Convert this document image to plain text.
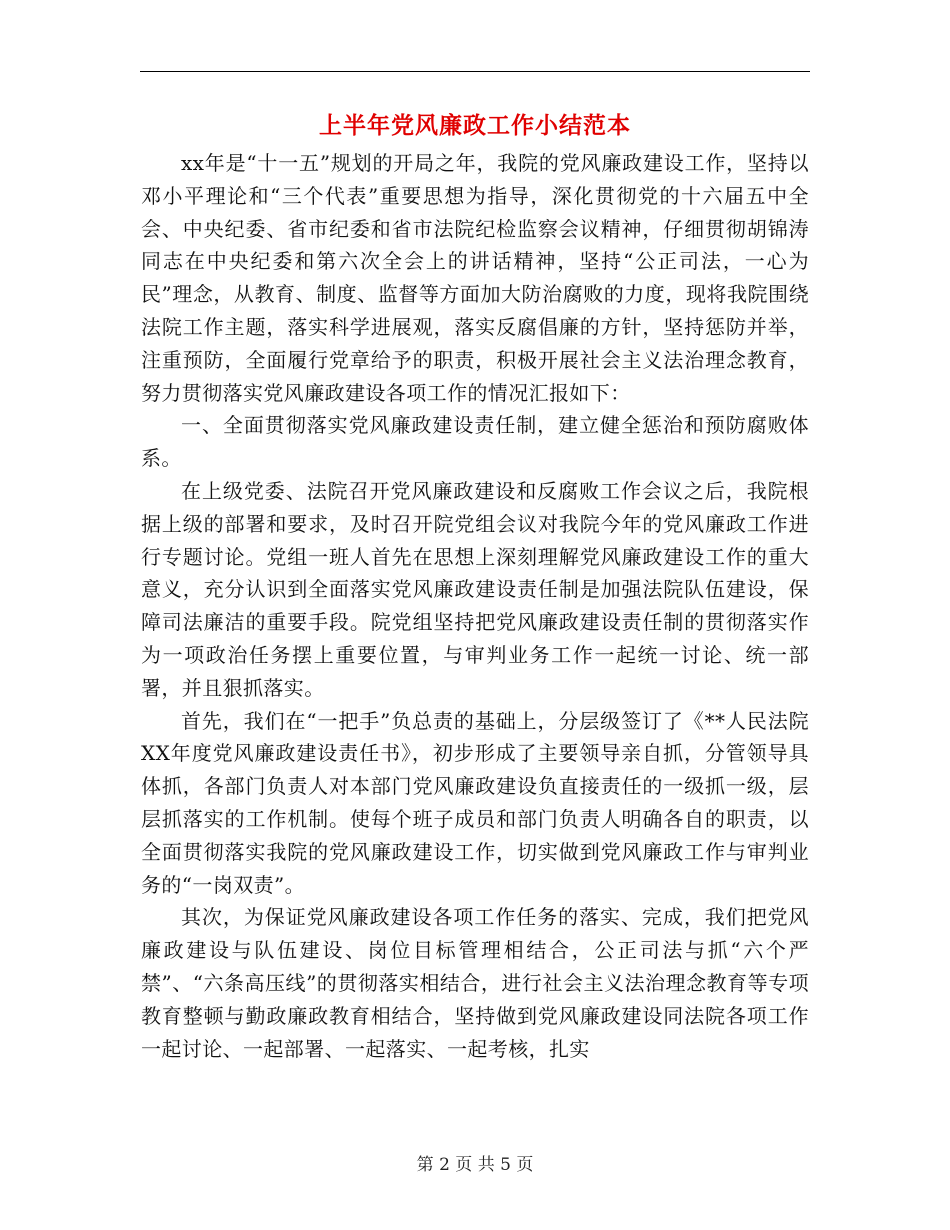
上半年党风廉政工作小结范本

xx年是“十一五”规划的开局之年，我院的党风廉政建设工作，坚持以邓小平理论和“三个代表”重要思想为指导，深化贯彻党的十六届五中全会、中央纪委、省市纪委和省市法院纪检监察会议精神，仔细贯彻胡锦涛同志在中央纪委和第六次全会上的讲话精神，坚持“公正司法，一心为民”理念，从教育、制度、监督等方面加大防治腐败的力度，现将我院围绕法院工作主题，落实科学进展观，落实反腐倡廉的方针，坚持惩防并举，注重预防，全面履行党章给予的职责，积极开展社会主义法治理念教育，努力贯彻落实党风廉政建设各项工作的情况汇报如下：

一、全面贯彻落实党风廉政建设责任制，建立健全惩治和预防腐败体系。

在上级党委、法院召开党风廉政建设和反腐败工作会议之后，我院根据上级的部署和要求，及时召开院党组会议对我院今年的党风廉政工作进行专题讨论。党组一班人首先在思想上深刻理解党风廉政建设工作的重大意义，充分认识到全面落实党风廉政建设责任制是加强法院队伍建设，保障司法廉洁的重要手段。院党组坚持把党风廉政建设责任制的贯彻落实作为一项政治任务摆上重要位置，与审判业务工作一起统一讨论、统一部署，并且狠抓落实。

首先，我们在“一把手”负总责的基础上，分层级签订了《**人民法院XX年度党风廉政建设责任书》，初步形成了主要领导亲自抓，分管领导具体抓，各部门负责人对本部门党风廉政建设负直接责任的一级抓一级，层层抓落实的工作机制。使每个班子成员和部门负责人明确各自的职责，以全面贯彻落实我院的党风廉政建设工作，切实做到党风廉政工作与审判业务的“一岗双责”。

其次，为保证党风廉政建设各项工作任务的落实、完成，我们把党风廉政建设与队伍建设、岗位目标管理相结合，公正司法与抓“六个严禁”、“六条高压线”的贯彻落实相结合，进行社会主义法治理念教育等专项教育整顿与勤政廉政教育相结合，坚持做到党风廉政建设同法院各项工作一起讨论、一起部署、一起落实、一起考核，扎实

第 2 页 共 5 页
